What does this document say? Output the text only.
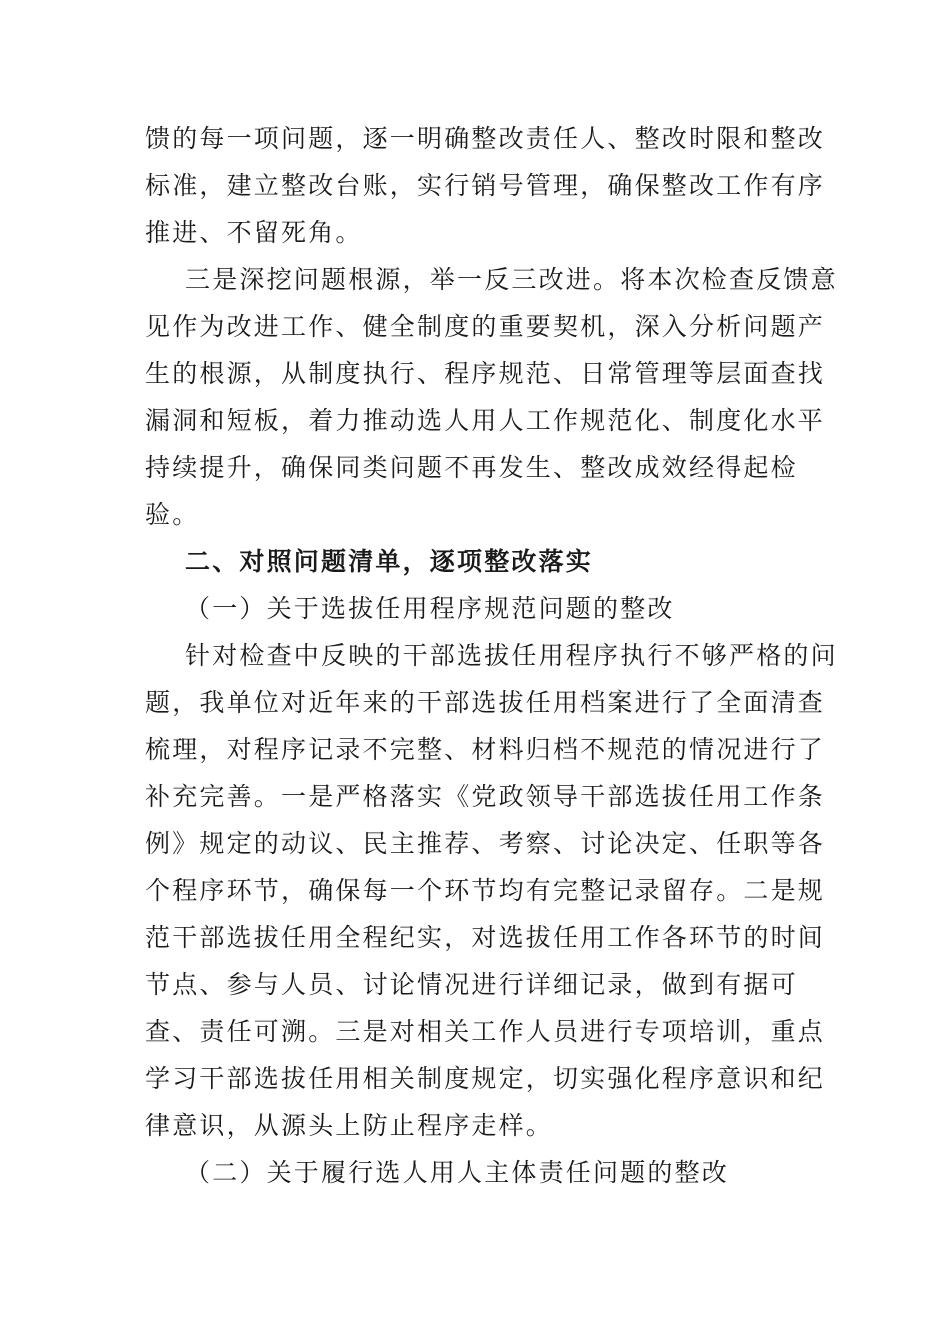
馈的每一项问题，逐一明确整改责任人、整改时限和整改
标准，建立整改台账，实行销号管理，确保整改工作有序
推进、不留死角。
三是深挖问题根源，举一反三改进。将本次检查反馈意
见作为改进工作、健全制度的重要契机，深入分析问题产
生的根源，从制度执行、程序规范、日常管理等层面查找
漏洞和短板，着力推动选人用人工作规范化、制度化水平
持续提升，确保同类问题不再发生、整改成效经得起检
验。
二、对照问题清单，逐项整改落实
（一）关于选拔任用程序规范问题的整改
针对检查中反映的干部选拔任用程序执行不够严格的问
题，我单位对近年来的干部选拔任用档案进行了全面清查
梳理，对程序记录不完整、材料归档不规范的情况进行了
补充完善。一是严格落实《党政领导干部选拔任用工作条
例》规定的动议、民主推荐、考察、讨论决定、任职等各
个程序环节，确保每一个环节均有完整记录留存。二是规
范干部选拔任用全程纪实，对选拔任用工作各环节的时间
节点、参与人员、讨论情况进行详细记录，做到有据可
查、责任可溯。三是对相关工作人员进行专项培训，重点
学习干部选拔任用相关制度规定，切实强化程序意识和纪
律意识，从源头上防止程序走样。
（二）关于履行选人用人主体责任问题的整改
